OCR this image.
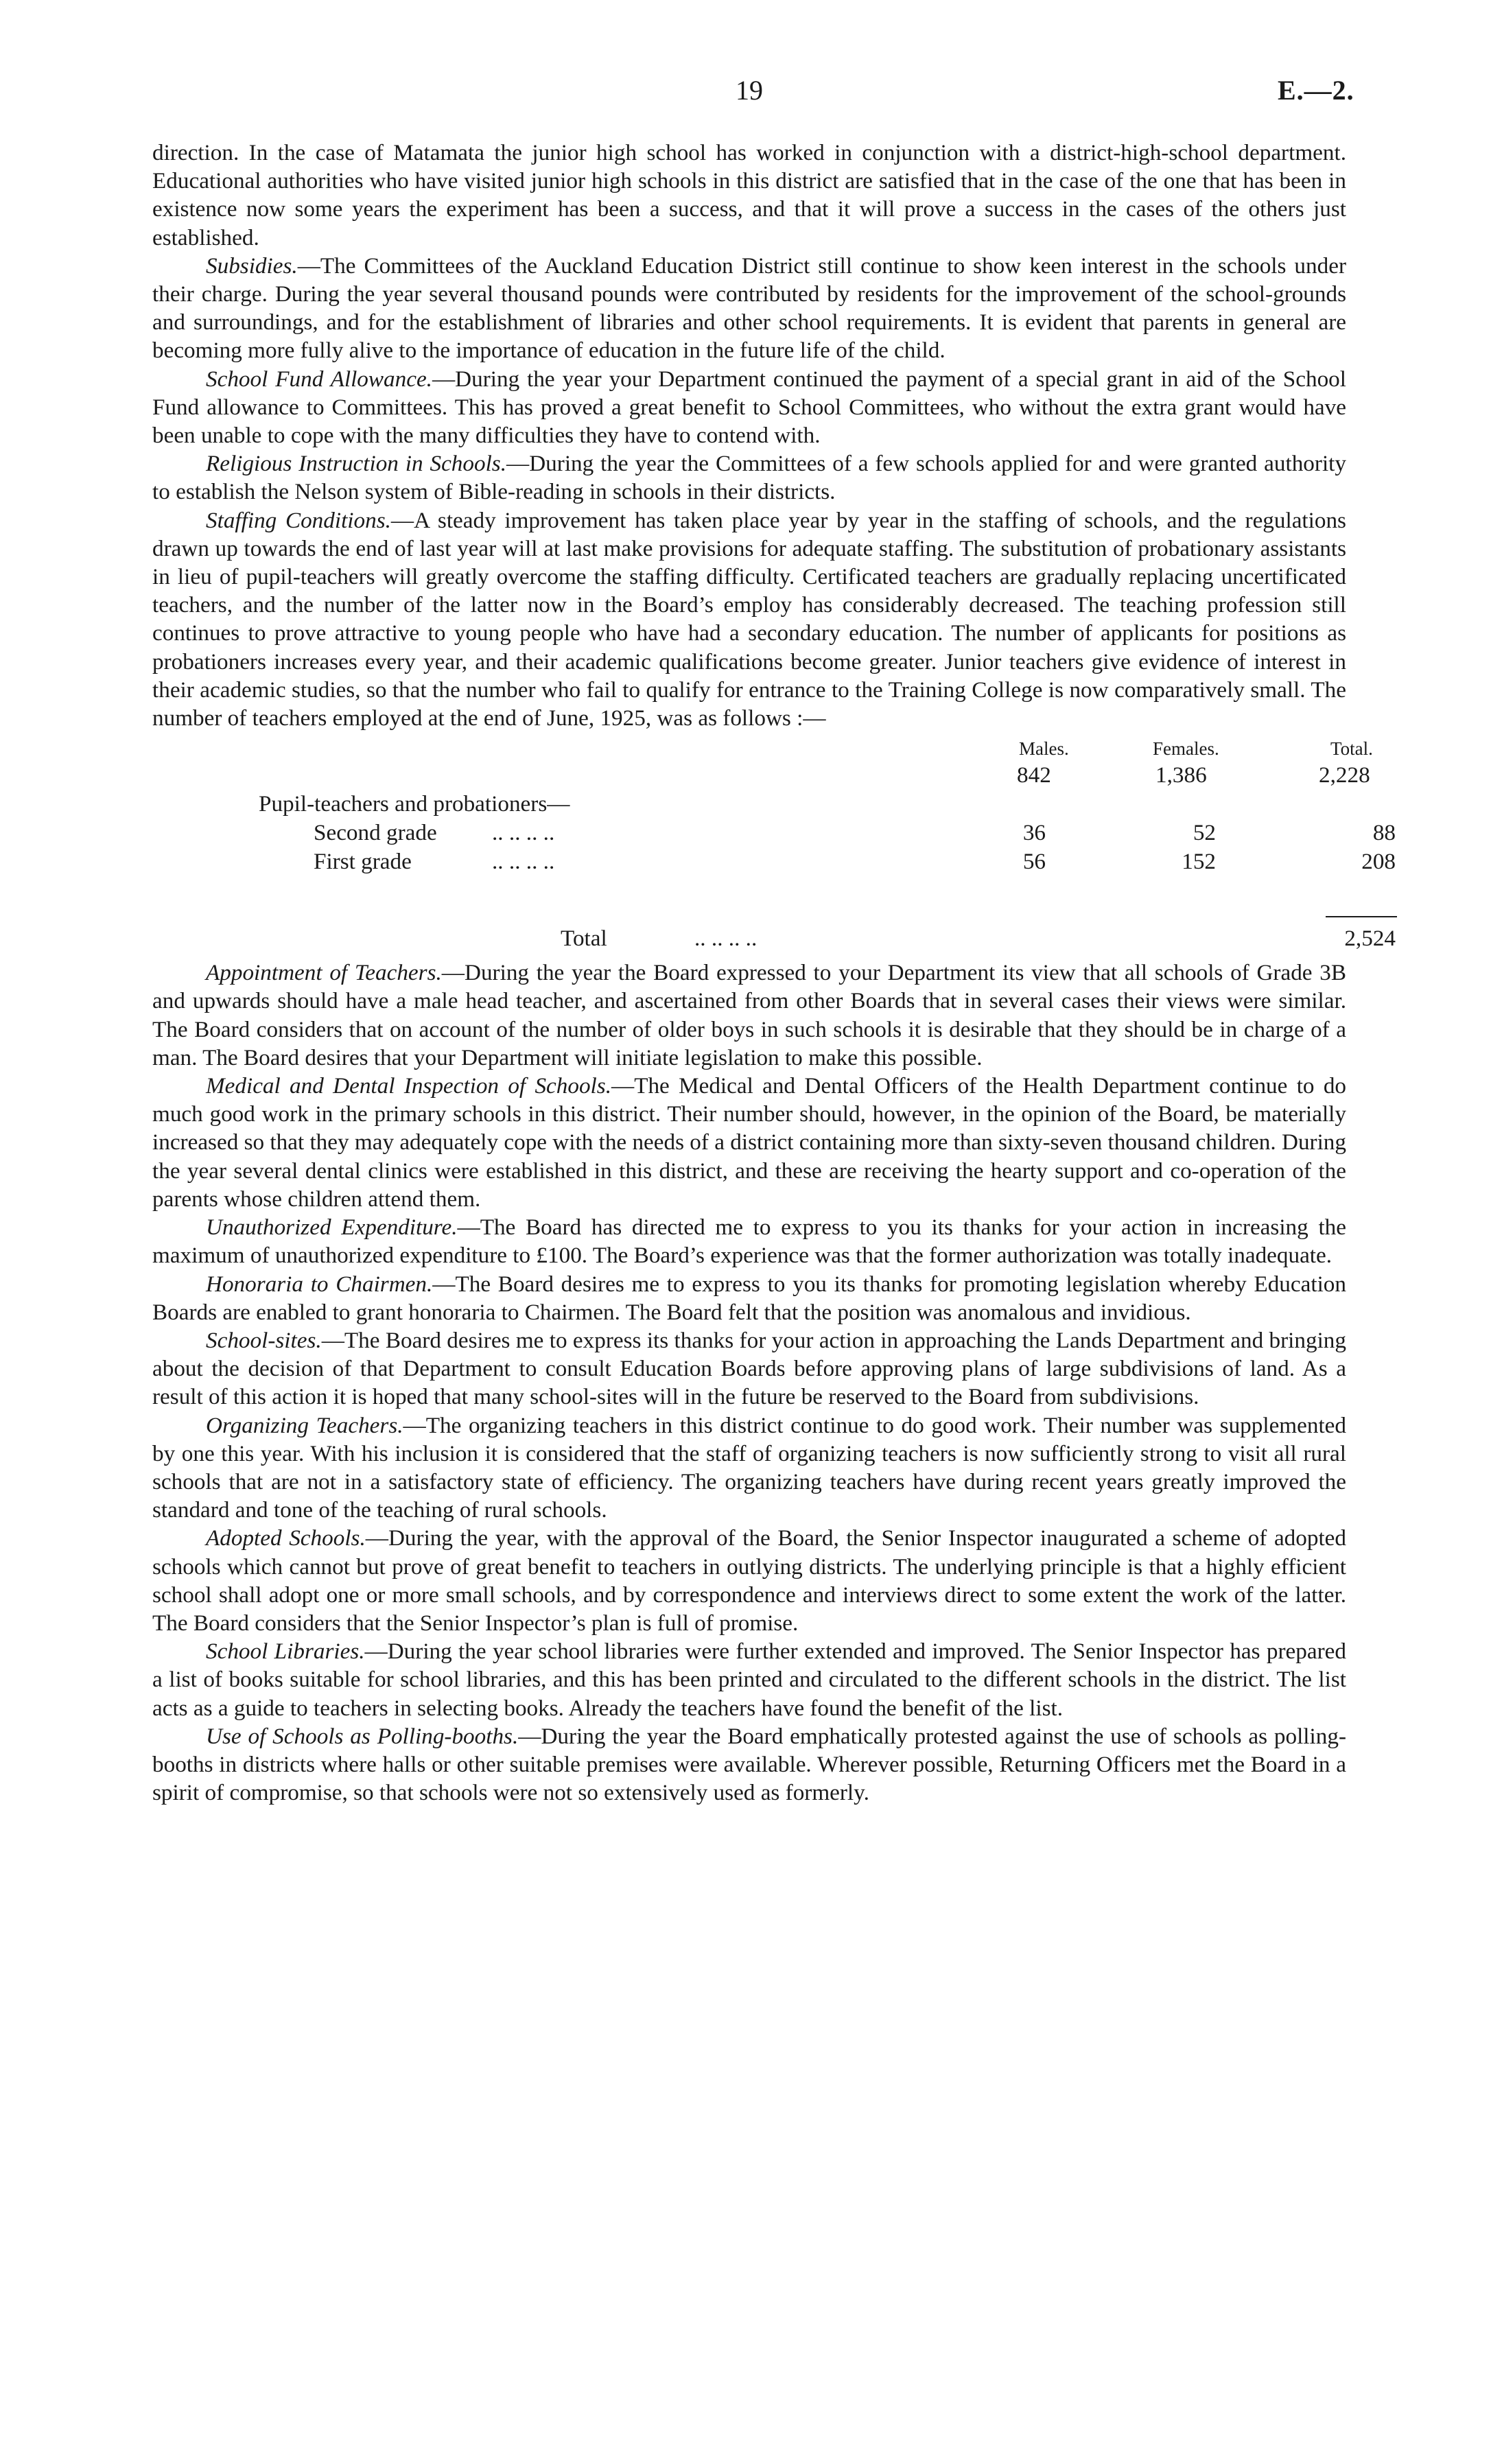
19	E.—2.

direction. In the case of Matamata the junior high school has worked in conjunction with a district-high-school department. Educational authorities who have visited junior high schools in this district are satisfied that in the case of the one that has been in existence now some years the experiment has been a success, and that it will prove a success in the cases of the others just established.

Subsidies.—The Committees of the Auckland Education District still continue to show keen interest in the schools under their charge. During the year several thousand pounds were contributed by residents for the improvement of the school-grounds and surroundings, and for the establishment of libraries and other school requirements. It is evident that parents in general are becoming more fully alive to the importance of education in the future life of the child.

School Fund Allowance.—During the year your Department continued the payment of a special grant in aid of the School Fund allowance to Committees. This has proved a great benefit to School Committees, who without the extra grant would have been unable to cope with the many difficulties they have to contend with.

Religious Instruction in Schools.—During the year the Committees of a few schools applied for and were granted authority to establish the Nelson system of Bible-reading in schools in their districts.

Staffing Conditions.—A steady improvement has taken place year by year in the staffing of schools, and the regulations drawn up towards the end of last year will at last make provisions for adequate staffing. The substitution of probationary assistants in lieu of pupil-teachers will greatly overcome the staffing difficulty. Certificated teachers are gradually replacing uncertificated teachers, and the number of the latter now in the Board’s employ has considerably decreased. The teaching profession still continues to prove attractive to young people who have had a secondary education. The number of applicants for positions as probationers increases every year, and their academic qualifications become greater. Junior teachers give evidence of interest in their academic studies, so that the number who fail to qualify for entrance to the Training College is now comparatively small. The number of teachers employed at the end of June, 1925, was as follows :—

Males.	Females.	Total.
842	1,386	2,228
Pupil-teachers and probationers—
Second grade .. .. .. ..	36	52	88
First grade	.. .. .. ..	56	152	208
Total	.. .. .. ..	2,524

Appointment of Teachers.—During the year the Board expressed to your Department its view that all schools of Grade 3B and upwards should have a male head teacher, and ascertained from other Boards that in several cases their views were similar. The Board considers that on account of the number of older boys in such schools it is desirable that they should be in charge of a man. The Board desires that your Department will initiate legislation to make this possible.

Medical and Dental Inspection of Schools.—The Medical and Dental Officers of the Health Department continue to do much good work in the primary schools in this district. Their number should, however, in the opinion of the Board, be materially increased so that they may adequately cope with the needs of a district containing more than sixty-seven thousand children. During the year several dental clinics were established in this district, and these are receiving the hearty support and co-operation of the parents whose children attend them.

Unauthorized Expenditure.—The Board has directed me to express to you its thanks for your action in increasing the maximum of unauthorized expenditure to £100. The Board’s experience was that the former authorization was totally inadequate.

Honoraria to Chairmen.—The Board desires me to express to you its thanks for promoting legislation whereby Education Boards are enabled to grant honoraria to Chairmen. The Board felt that the position was anomalous and invidious.

School-sites.—The Board desires me to express its thanks for your action in approaching the Lands Department and bringing about the decision of that Department to consult Education Boards before approving plans of large subdivisions of land. As a result of this action it is hoped that many school-sites will in the future be reserved to the Board from subdivisions.

Organizing Teachers.—The organizing teachers in this district continue to do good work. Their number was supplemented by one this year. With his inclusion it is considered that the staff of organizing teachers is now sufficiently strong to visit all rural schools that are not in a satisfactory state of efficiency. The organizing teachers have during recent years greatly improved the standard and tone of the teaching of rural schools.

Adopted Schools.—During the year, with the approval of the Board, the Senior Inspector inaugurated a scheme of adopted schools which cannot but prove of great benefit to teachers in outlying districts. The underlying principle is that a highly efficient school shall adopt one or more small schools, and by correspondence and interviews direct to some extent the work of the latter. The Board considers that the Senior Inspector’s plan is full of promise.

School Libraries.—During the year school libraries were further extended and improved. The Senior Inspector has prepared a list of books suitable for school libraries, and this has been printed and circulated to the different schools in the district. The list acts as a guide to teachers in selecting books. Already the teachers have found the benefit of the list.

Use of Schools as Polling-booths.—During the year the Board emphatically protested against the use of schools as polling-booths in districts where halls or other suitable premises were available. Wherever possible, Returning Officers met the Board in a spirit of compromise, so that schools were not so extensively used as formerly.
